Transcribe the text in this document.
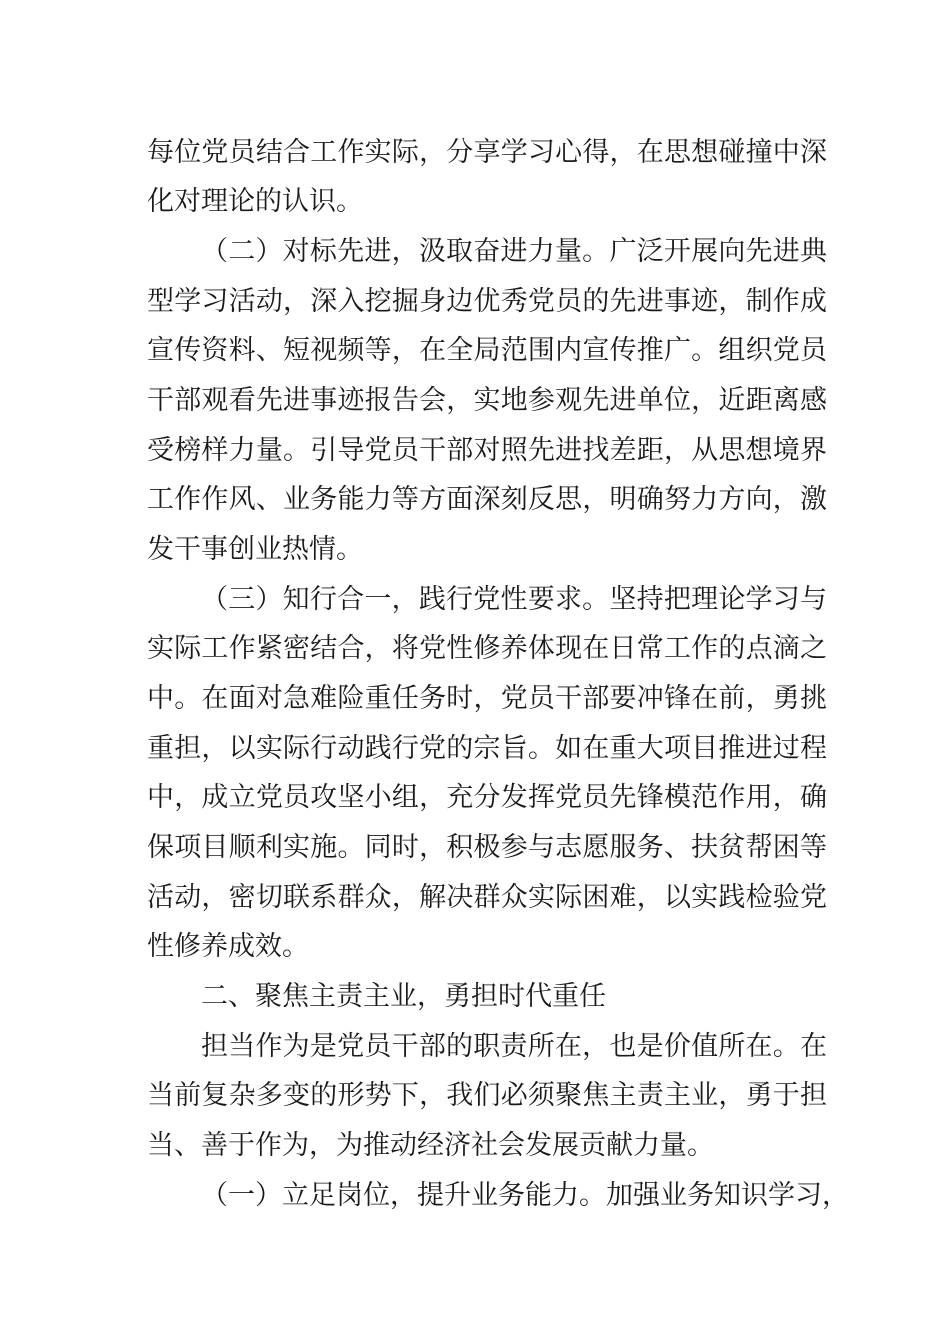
每位党员结合工作实际，分享学习心得，在思想碰撞中深
化对理论的认识。
（二）对标先进，汲取奋进力量。广泛开展向先进典
型学习活动，深入挖掘身边优秀党员的先进事迹，制作成
宣传资料、短视频等，在全局范围内宣传推广。组织党员
干部观看先进事迹报告会，实地参观先进单位，近距离感
受榜样力量。引导党员干部对照先进找差距，从思想境界
工作作风、业务能力等方面深刻反思，明确努力方向，激
发干事创业热情。
（三）知行合一，践行党性要求。坚持把理论学习与
实际工作紧密结合，将党性修养体现在日常工作的点滴之
中。在面对急难险重任务时，党员干部要冲锋在前，勇挑
重担，以实际行动践行党的宗旨。如在重大项目推进过程
中，成立党员攻坚小组，充分发挥党员先锋模范作用，确
保项目顺利实施。同时，积极参与志愿服务、扶贫帮困等
活动，密切联系群众，解决群众实际困难，以实践检验党
性修养成效。
二、聚焦主责主业，勇担时代重任
担当作为是党员干部的职责所在，也是价值所在。在
当前复杂多变的形势下，我们必须聚焦主责主业，勇于担
当、善于作为，为推动经济社会发展贡献力量。
（一）立足岗位，提升业务能力。加强业务知识学习，
